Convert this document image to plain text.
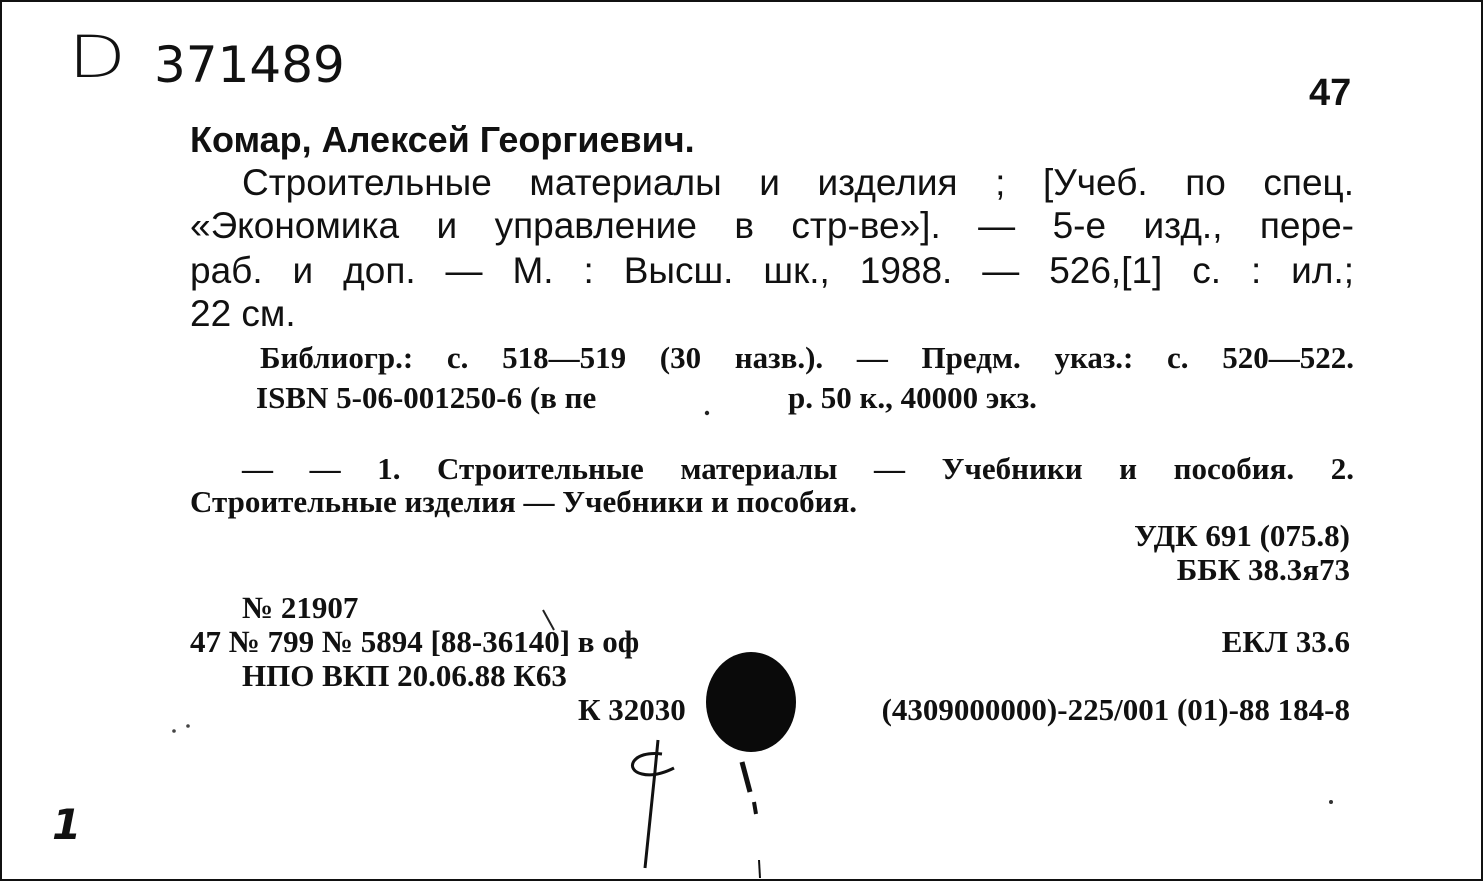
D 371489	47
Комар, Алексей Георгиевич.
Строительные материалы и изделия ; [Учеб. по спец.
«Экономика и управление в стр-ве»]. — 5-е изд., пере-
раб. и доп. — М. : Высш. шк., 1988. — 526,[1] с. : ил.;
22 см.
Библиогр.: с. 518—519 (30 назв.). — Предм. указ.: с. 520—522.
ISBN 5-06-001250-6 (в пе	р. 50 к., 40000 экз.
— — 1. Строительные материалы — Учебники и пособия. 2.
Строительные изделия — Учебники и пособия.
УДК 691 (075.8)
ББК 38.3я73
№ 21907
47 № 799 № 5894 [88-36140] в оф	ЕКЛ 33.6
НПО ВКП 20.06.88 К63
К 32030	(4309000000)-225/001 (01)-88 184-8
1
